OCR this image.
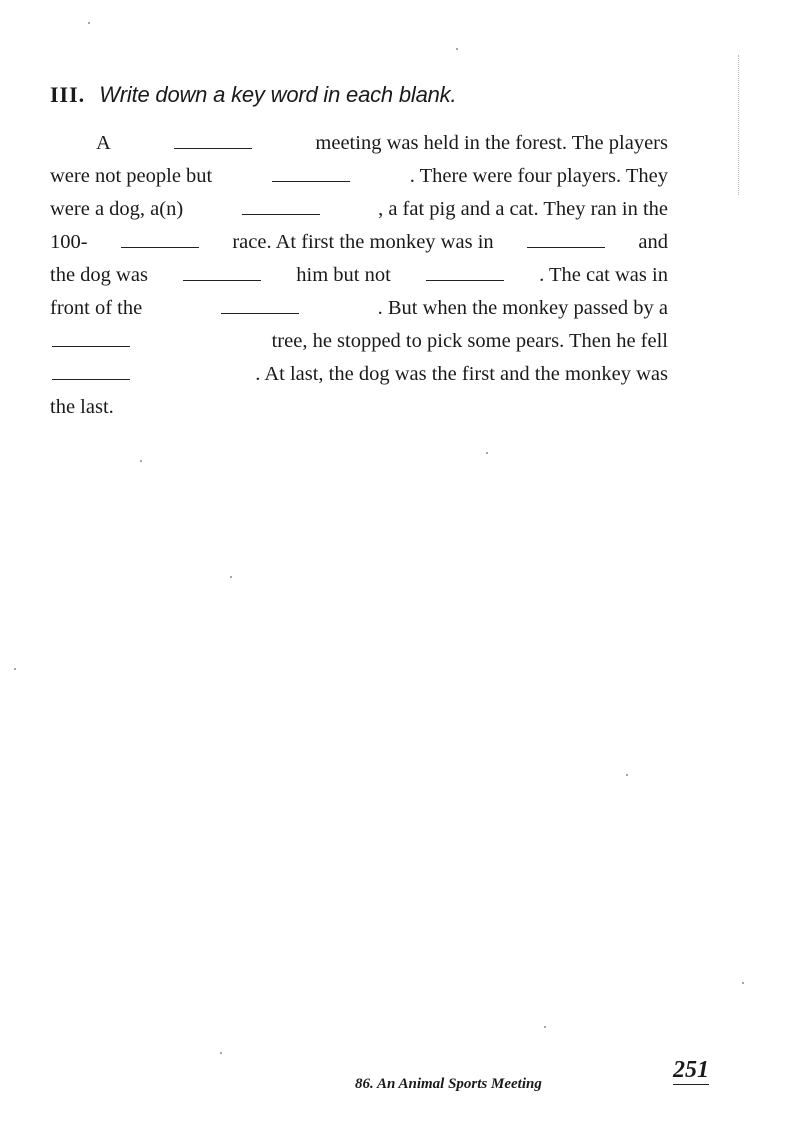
III. Write down a key word in each blank.
A	meeting was held in the forest. The players
were not people but	. There were four players. They
were a dog, a(n)	, a fat pig and a cat. They ran in the
100-	race. At first the monkey was in	and
the dog was	him but not	. The cat was in
front of the	. But when the monkey passed by a
tree, he stopped to pick some pears. Then he fell
. At last, the dog was the first and the monkey was
the last.
86. An Animal Sports Meeting
251
